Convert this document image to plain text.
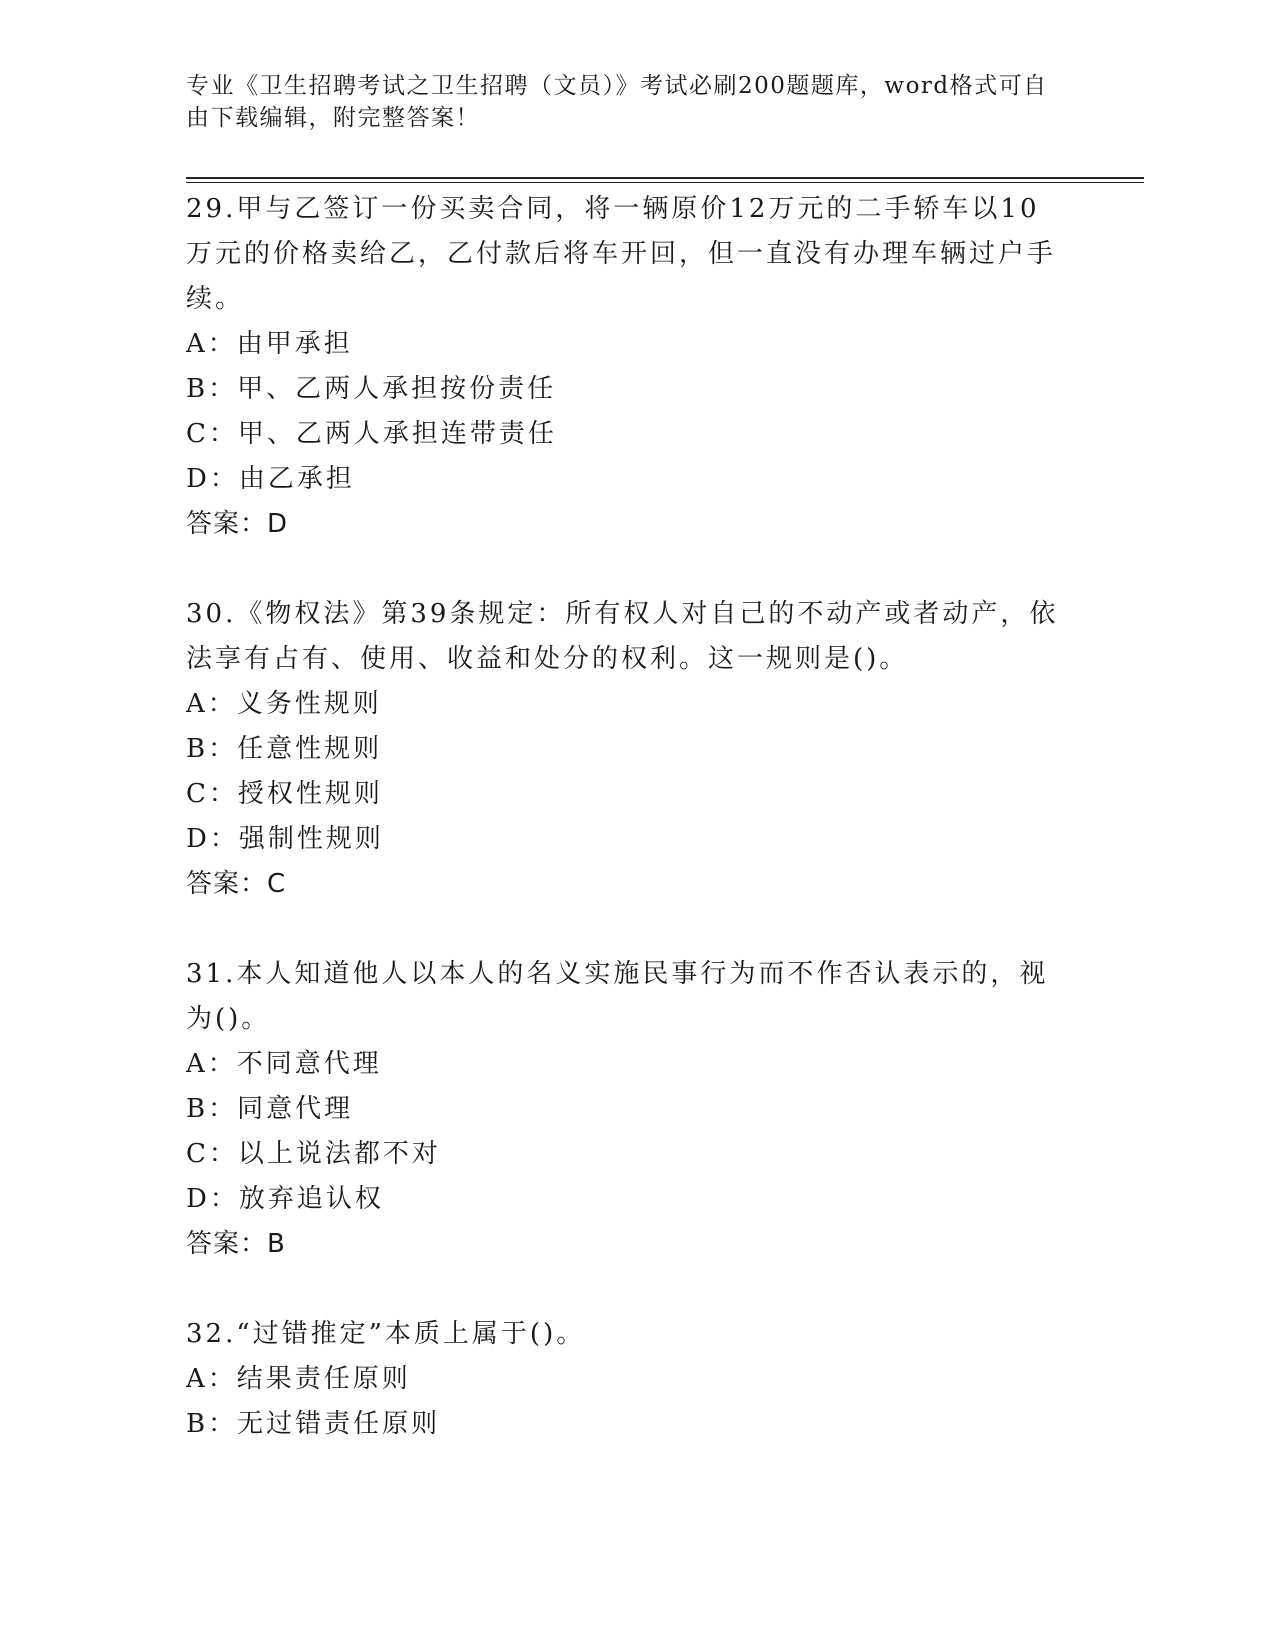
专业《卫生招聘考试之卫生招聘（文员）》考试必刷200题题库，word格式可自由下载编辑，附完整答案！

29.甲与乙签订一份买卖合同，将一辆原价12万元的二手轿车以10万元的价格卖给乙，乙付款后将车开回，但一直没有办理车辆过户手续。

A：由甲承担

B：甲、乙两人承担按份责任

C：甲、乙两人承担连带责任

D：由乙承担

答案：D

30.《物权法》第39条规定：所有权人对自己的不动产或者动产，依法享有占有、使用、收益和处分的权利。这一规则是()。

A：义务性规则

B：任意性规则

C：授权性规则

D：强制性规则

答案：C

31.本人知道他人以本人的名义实施民事行为而不作否认表示的，视为()。

A：不同意代理

B：同意代理

C：以上说法都不对

D：放弃追认权

答案：B

32.“过错推定”本质上属于()。

A：结果责任原则

B：无过错责任原则
